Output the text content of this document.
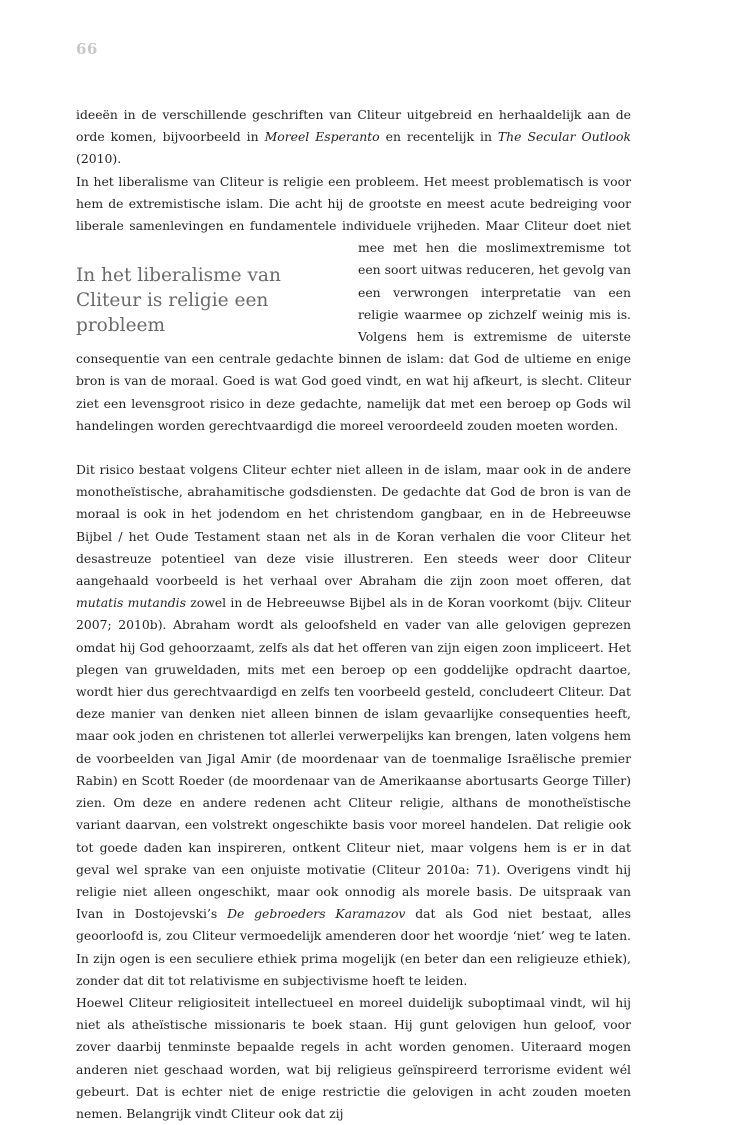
66

ideeën in de verschillende geschriften van Cliteur uitgebreid en herhaaldelijk aan de orde komen, bijvoorbeeld in Moreel Esperanto en recentelijk in The Secular Outlook (2010).

In het liberalisme van Cliteur is religie een probleem. Het meest problematisch is voor hem de extremistische islam. Die acht hij de grootste en meest acute bedreiging voor liberale samenlevingen en fundamentele individuele vrijheden. Maar Cliteur doet niet mee met hen
In het liberalisme van Cliteur is religie een probleem
die moslimextremisme tot een soort uitwas reduceren, het gevolg van een verwrongen interpretatie van een religie waarmee op zichzelf weinig mis is. Volgens hem is extremisme de uiterste consequentie van een centrale gedachte binnen de islam: dat God de ultieme en enige bron is van de moraal. Goed is wat God goed vindt, en wat hij afkeurt, is slecht. Cliteur ziet een levensgroot risico in deze gedachte, namelijk dat met een beroep op Gods wil handelingen worden gerechtvaardigd die moreel veroordeeld zouden moeten worden.

Dit risico bestaat volgens Cliteur echter niet alleen in de islam, maar ook in de andere monotheïstische, abrahamitische godsdiensten. De gedachte dat God de bron is van de moraal is ook in het jodendom en het christendom gangbaar, en in de Hebreeuwse Bijbel / het Oude Testament staan net als in de Koran verhalen die voor Cliteur het desastreuze potentieel van deze visie illustreren. Een steeds weer door Cliteur aangehaald voorbeeld is het verhaal over Abraham die zijn zoon moet offeren, dat mutatis mutandis zowel in de Hebreeuwse Bijbel als in de Koran voorkomt (bijv. Cliteur 2007; 2010b). Abraham wordt als geloofsheld en vader van alle gelovigen geprezen omdat hij God gehoorzaamt, zelfs als dat het offeren van zijn eigen zoon impliceert. Het plegen van gruweldaden, mits met een beroep op een goddelijke opdracht daartoe, wordt hier dus gerechtvaardigd en zelfs ten voorbeeld gesteld, concludeert Cliteur. Dat deze manier van denken niet alleen binnen de islam gevaarlijke consequenties heeft, maar ook joden en christenen tot allerlei verwerpelijks kan brengen, laten volgens hem de voorbeelden van Jigal Amir (de moordenaar van de toenmalige Israëlische premier Rabin) en Scott Roeder (de moordenaar van de Amerikaanse abortusarts George Tiller) zien. Om deze en andere redenen acht Cliteur religie, althans de monotheïstische variant daarvan, een volstrekt ongeschikte basis voor moreel handelen. Dat religie ook tot goede daden kan inspireren, ontkent Cliteur niet, maar volgens hem is er in dat geval wel sprake van een onjuiste motivatie (Cliteur 2010a: 71). Overigens vindt hij religie niet alleen ongeschikt, maar ook onnodig als morele basis. De uitspraak van Ivan in Dostojevski’s De gebroeders Karamazov dat als God niet bestaat, alles geoorloofd is, zou Cliteur vermoedelijk amenderen door het woordje ‘niet’ weg te laten. In zijn ogen is een seculiere ethiek prima mogelijk (en beter dan een religieuze ethiek), zonder dat dit tot relativisme en subjectivisme hoeft te leiden.

Hoewel Cliteur religiositeit intellectueel en moreel duidelijk suboptimaal vindt, wil hij niet als atheïstische missionaris te boek staan. Hij gunt gelovigen hun geloof, voor zover daarbij tenminste bepaalde regels in acht worden genomen. Uiteraard mogen anderen niet geschaad worden, wat bij religieus geïnspireerd terrorisme evident wél gebeurt. Dat is echter niet de enige restrictie die gelovigen in acht zouden moeten nemen. Belangrijk vindt Cliteur ook dat zij
